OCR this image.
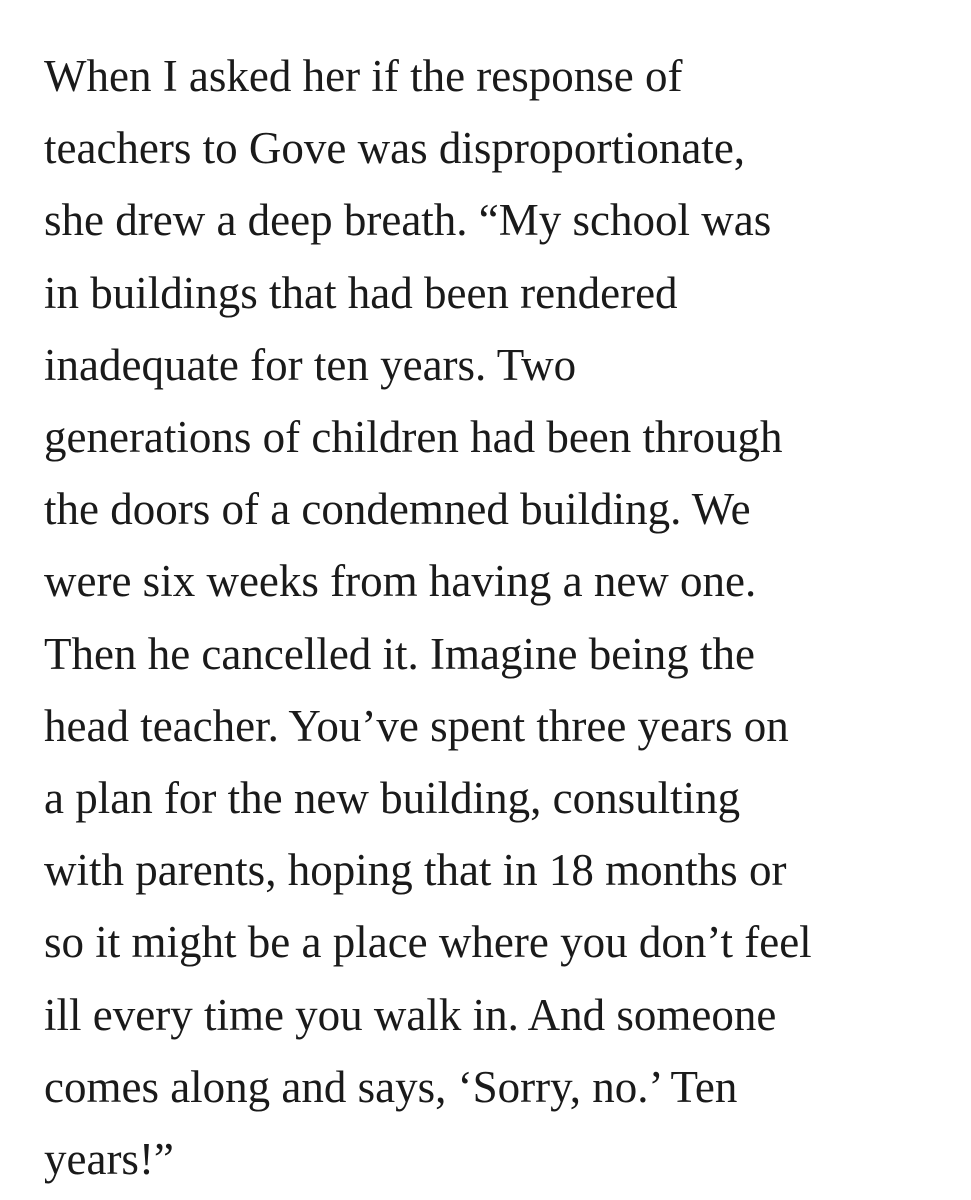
When I asked her if the response of
teachers to Gove was disproportionate,
she drew a deep breath. “My school was
in buildings that had been rendered
inadequate for ten years. Two
generations of children had been through
the doors of a condemned building. We
were six weeks from having a new one.
Then he cancelled it. Imagine being the
head teacher. You’ve spent three years on
a plan for the new building, consulting
with parents, hoping that in 18 months or
so it might be a place where you don’t feel
ill every time you walk in. And someone
comes along and says, ‘Sorry, no.’ Ten
years!”
